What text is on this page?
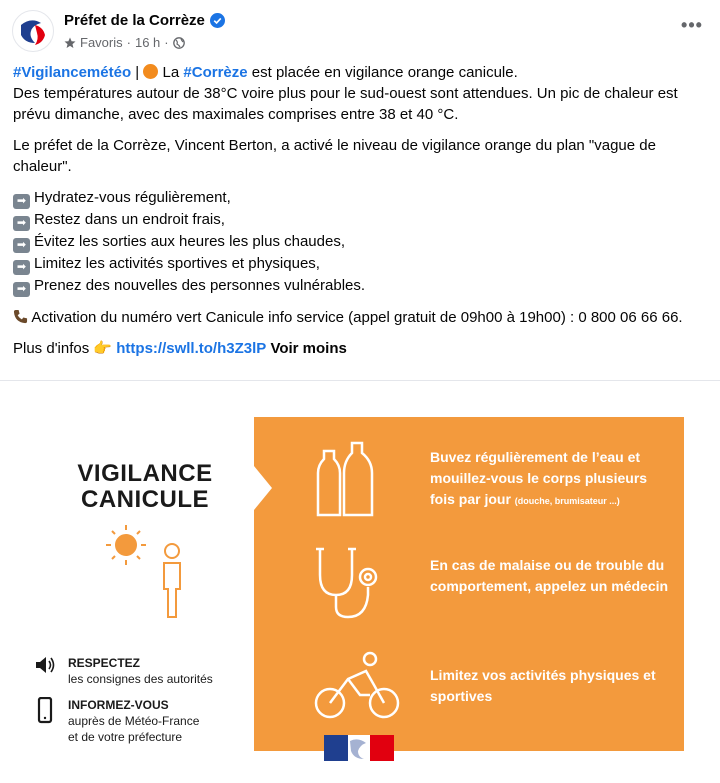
Préfet de la Corrèze
Favoris · 16 h ·
•••

#Vigilancemétéo |  La #Corrèze est placée en vigilance orange canicule.
Des températures autour de 38°C voire plus pour le sud-ouest sont attendues. Un pic de chaleur est prévu dimanche, avec des maximales comprises entre 38 et 40 °C.

Le préfet de la Corrèze, Vincent Berton, a activé le niveau de vigilance orange du plan "vague de chaleur".

➡ Hydratez-vous régulièrement,
➡ Restez dans un endroit frais,
➡ Évitez les sorties aux heures les plus chaudes,
➡ Limitez les activités sportives et physiques,
➡ Prenez des nouvelles des personnes vulnérables.

Activation du numéro vert Canicule info service (appel gratuit de 09h00 à 19h00) : 0 800 06 66 66.

Plus d'infos 👉 https://swll.to/h3Z3lP Voir moins

VIGILANCE
CANICULE
Buvez régulièrement de l’eau et mouillez-vous le corps plusieurs fois par jour (douche, brumisateur ...)
En cas de malaise ou de trouble du comportement, appelez un médecin
Limitez vos activités physiques et sportives
RESPECTEZ
les consignes des autorités
INFORMEZ-VOUS
auprès de Météo-France
et de votre préfecture
